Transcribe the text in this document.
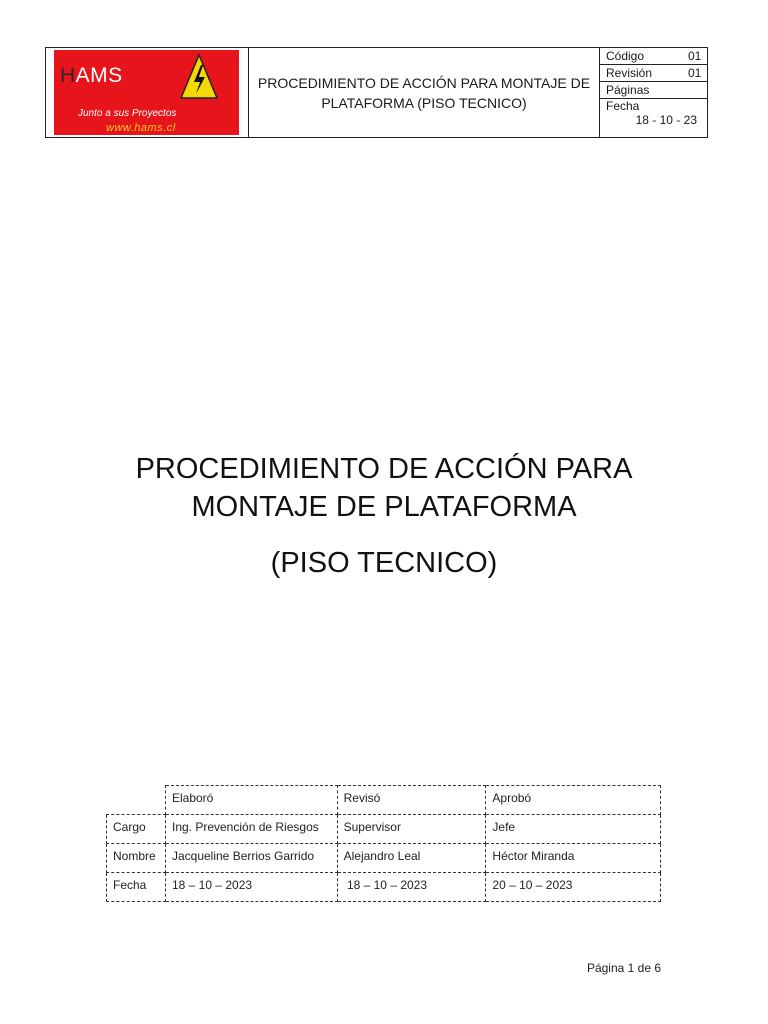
HAMS
Junto a sus Proyectos
www.hams.cl
PROCEDIMIENTO DE ACCIÓN PARA MONTAJE DE PLATAFORMA (PISO TECNICO)
Código	01
Revisión	01
Páginas
Fecha
18 - 10 - 23
PROCEDIMIENTO DE ACCIÓN PARA
MONTAJE DE PLATAFORMA
(PISO TECNICO)
	Elaboró	Revisó	Aprobó
Cargo	Ing. Prevención de Riesgos	Supervisor	Jefe
Nombre	Jacqueline Berrios Garrido	Alejandro Leal	Héctor Miranda
Fecha	18 – 10 – 2023	18 – 10 – 2023	20 – 10 – 2023
Página 1 de 6
